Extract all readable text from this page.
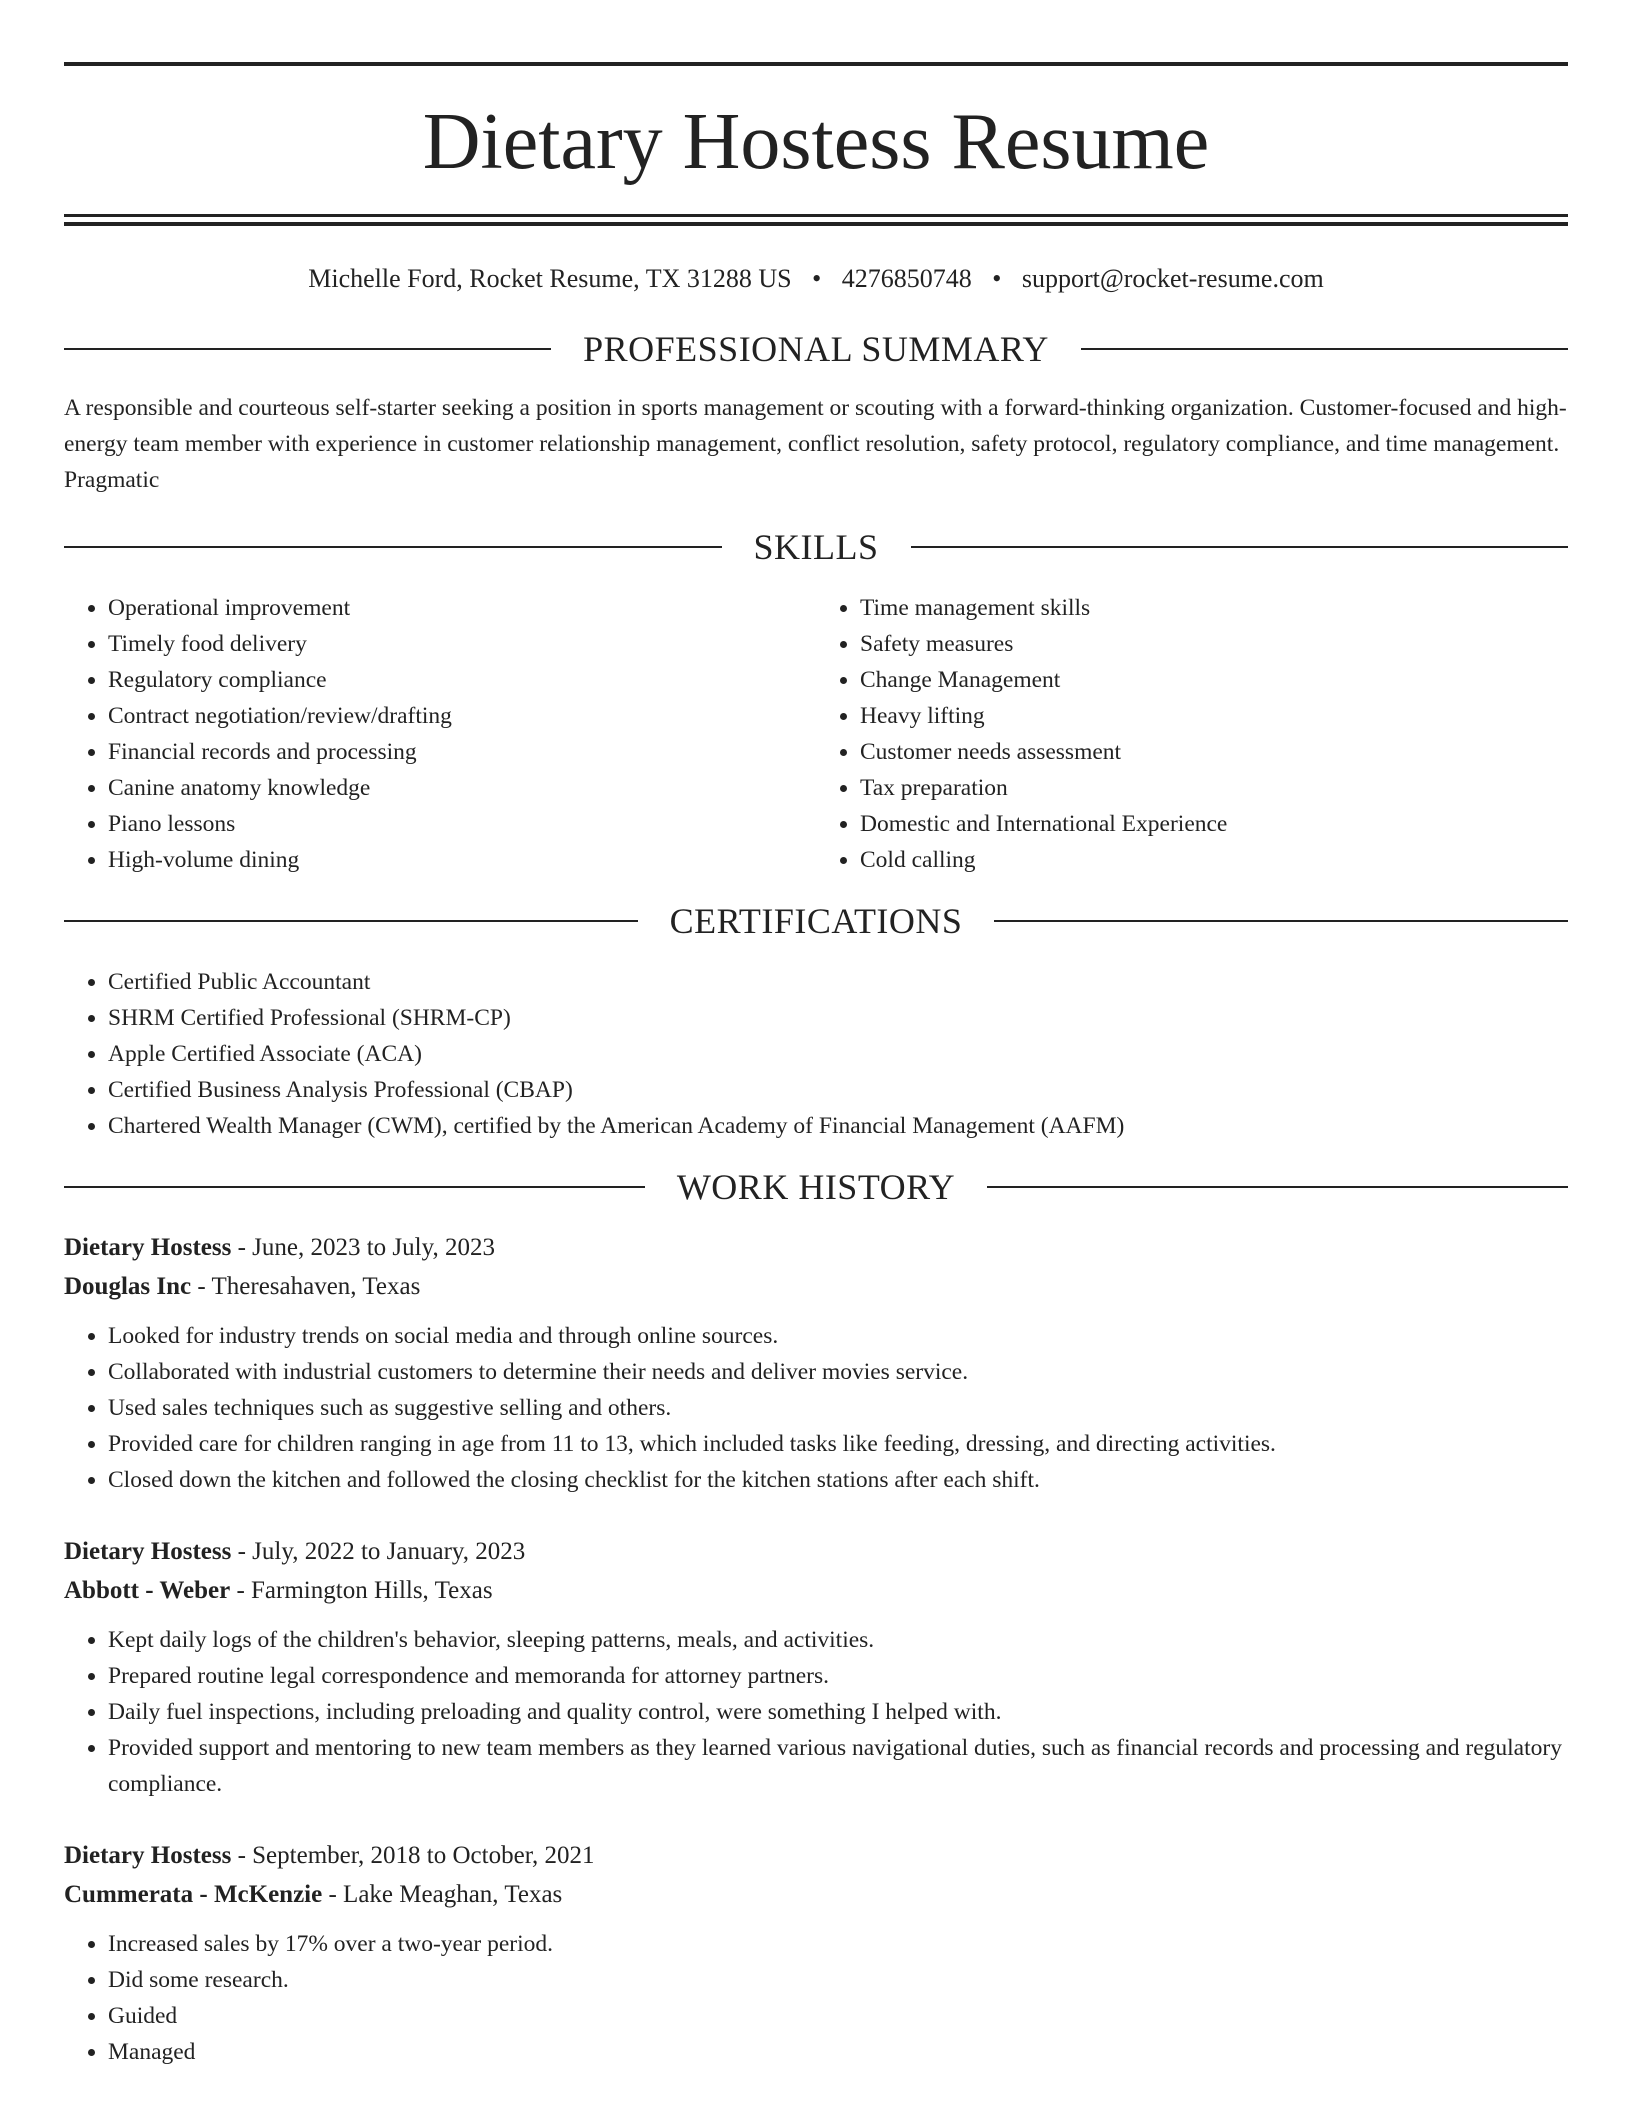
Dietary Hostess Resume

Michelle Ford, Rocket Resume, TX 31288 US • 4276850748 • support@rocket-resume.com

PROFESSIONAL SUMMARY

A responsible and courteous self-starter seeking a position in sports management or scouting with a forward-thinking organization. Customer-focused and high-energy team member with experience in customer relationship management, conflict resolution, safety protocol, regulatory compliance, and time management. Pragmatic

SKILLS
• Operational improvement
• Timely food delivery
• Regulatory compliance
• Contract negotiation/review/drafting
• Financial records and processing
• Canine anatomy knowledge
• Piano lessons
• High-volume dining
• Time management skills
• Safety measures
• Change Management
• Heavy lifting
• Customer needs assessment
• Tax preparation
• Domestic and International Experience
• Cold calling
CERTIFICATIONS
• Certified Public Accountant
• SHRM Certified Professional (SHRM-CP)
• Apple Certified Associate (ACA)
• Certified Business Analysis Professional (CBAP)
• Chartered Wealth Manager (CWM), certified by the American Academy of Financial Management (AAFM)
WORK HISTORY

Dietary Hostess - June, 2023 to July, 2023

Douglas Inc - Theresahaven, Texas

• Looked for industry trends on social media and through online sources.
• Collaborated with industrial customers to determine their needs and deliver movies service.
• Used sales techniques such as suggestive selling and others.
• Provided care for children ranging in age from 11 to 13, which included tasks like feeding, dressing, and directing activities.
• Closed down the kitchen and followed the closing checklist for the kitchen stations after each shift.

Dietary Hostess - July, 2022 to January, 2023

Abbott - Weber - Farmington Hills, Texas

• Kept daily logs of the children's behavior, sleeping patterns, meals, and activities.
• Prepared routine legal correspondence and memoranda for attorney partners.
• Daily fuel inspections, including preloading and quality control, were something I helped with.
• Provided support and mentoring to new team members as they learned various navigational duties, such as financial records and processing and regulatory compliance.

Dietary Hostess - September, 2018 to October, 2021

Cummerata - McKenzie - Lake Meaghan, Texas

• Increased sales by 17% over a two-year period.
• Did some research.
• Guided
• Managed
